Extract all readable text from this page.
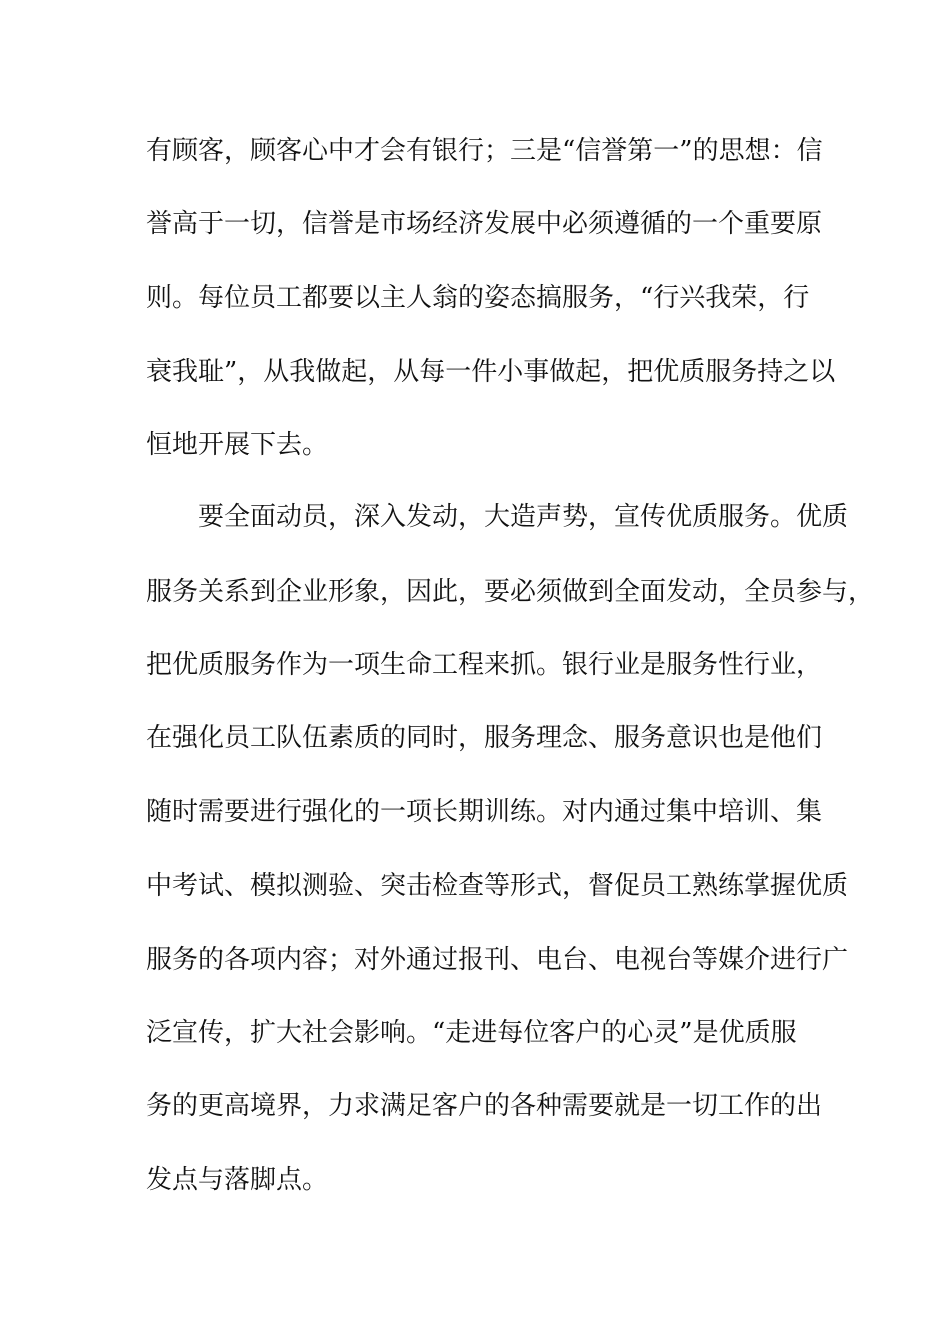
有顾客，顾客心中才会有银行；三是“信誉第一”的思想：信
誉高于一切，信誉是市场经济发展中必须遵循的一个重要原
则。每位员工都要以主人翁的姿态搞服务，“行兴我荣，行
衰我耻”，从我做起，从每一件小事做起，把优质服务持之以
恒地开展下去。
要全面动员，深入发动，大造声势，宣传优质服务。优质
服务关系到企业形象，因此，要必须做到全面发动，全员参与，
把优质服务作为一项生命工程来抓。银行业是服务性行业，
在强化员工队伍素质的同时，服务理念、服务意识也是他们
随时需要进行强化的一项长期训练。对内通过集中培训、集
中考试、模拟测验、突击检查等形式，督促员工熟练掌握优质
服务的各项内容；对外通过报刊、电台、电视台等媒介进行广
泛宣传，扩大社会影响。“走进每位客户的心灵”是优质服
务的更高境界，力求满足客户的各种需要就是一切工作的出
发点与落脚点。
